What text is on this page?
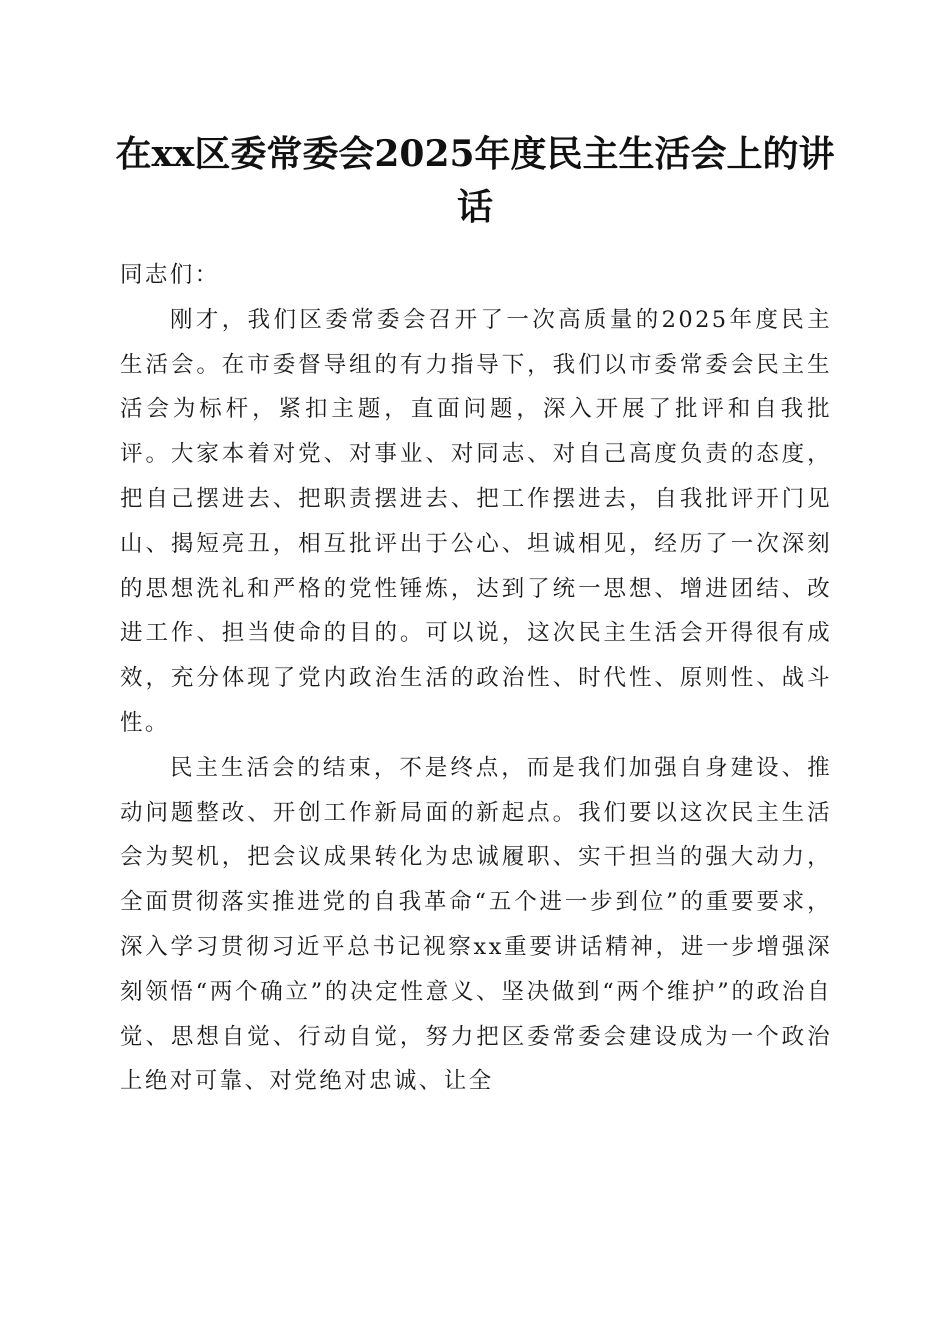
在xx区委常委会2025年度民主生活会上的讲话

同志们：

刚才，我们区委常委会召开了一次高质量的2025年度民主生活会。在市委督导组的有力指导下，我们以市委常委会民主生活会为标杆，紧扣主题，直面问题，深入开展了批评和自我批评。大家本着对党、对事业、对同志、对自己高度负责的态度，把自己摆进去、把职责摆进去、把工作摆进去，自我批评开门见山、揭短亮丑，相互批评出于公心、坦诚相见，经历了一次深刻的思想洗礼和严格的党性锤炼，达到了统一思想、增进团结、改进工作、担当使命的目的。可以说，这次民主生活会开得很有成效，充分体现了党内政治生活的政治性、时代性、原则性、战斗性。

民主生活会的结束，不是终点，而是我们加强自身建设、推动问题整改、开创工作新局面的新起点。我们要以这次民主生活会为契机，把会议成果转化为忠诚履职、实干担当的强大动力，全面贯彻落实推进党的自我革命“五个进一步到位”的重要要求，深入学习贯彻习近平总书记视察xx重要讲话精神，进一步增强深刻领悟“两个确立”的决定性意义、坚决做到“两个维护”的政治自觉、思想自觉、行动自觉，努力把区委常委会建设成为一个政治上绝对可靠、对党绝对忠诚、让全
